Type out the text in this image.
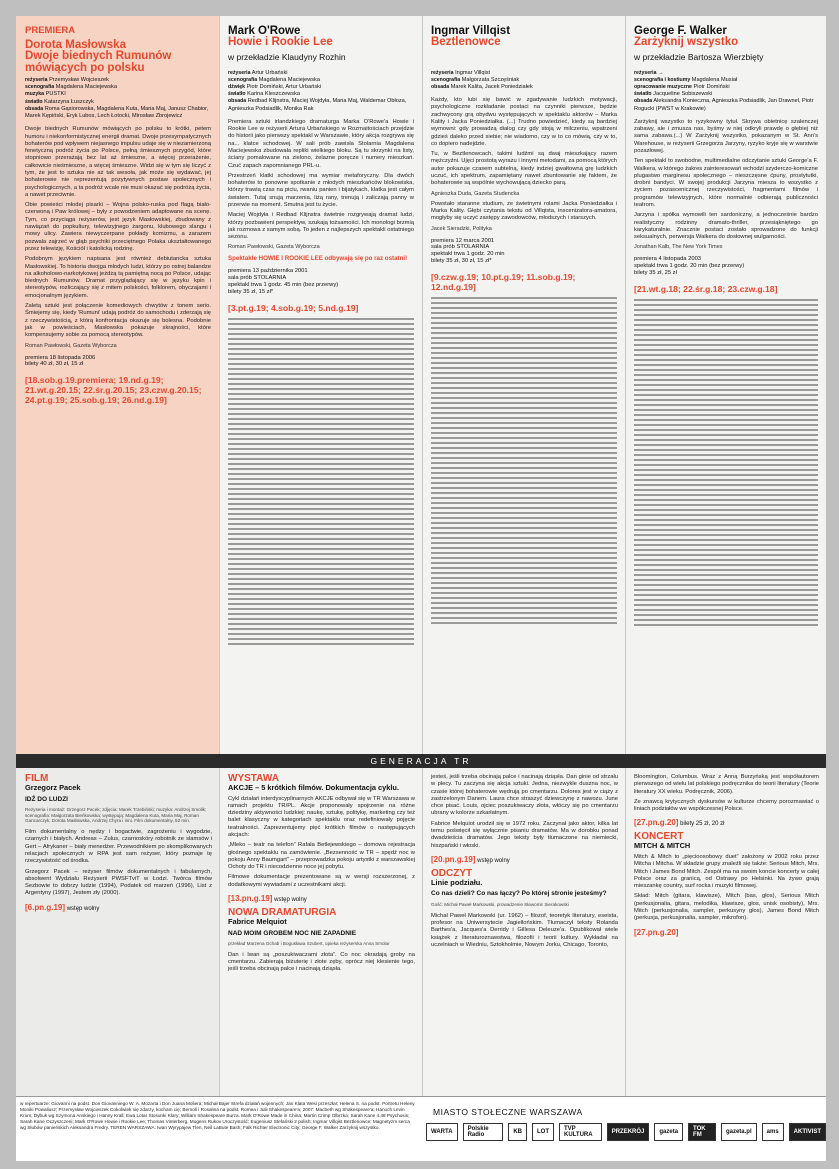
PREMIERA
Dorota Masłowska
Dwoje biednych Rumunów mówiących po polsku
reżyseria Przemysław Wojcieszek
scenografia Magdalena Maciejewska
muzyka PUSTKI
światło Katarzyna Łuszczyk
obsada Roma Gąsiorowska, Magdalena Kuta, Maria Maj, Janusz Chabior, Marek Kępiński, Eryk Lubos, Lech Łotocki, Mirosław Zbrojewicz

Dwoje biednych Rumunów mówiących po polsku to krótki, petem humoru i niekonformistycznej energii dramat. Dwoje przesympatycznych bohaterów pod wpływem niejasnego impulsu udaje się w niezamierzoną fenetyczną podróż życia po Polsce, pełną śmiesznych przygód, które stopniowo przerażają bez lat aż śmieszne, a więcej przerażenie, całkowicie nieśmieszne, a więcej śmieszne. Widzi się w tym się liczyć z tym, że jest to sztuka nie aż tak wesoła, jak może się wydawać, jej bohaterowie nie reprezentują pozytywnych postaw społecznych i psychologicznych, a ta podróż wcale nie musi okazać się podróżą życia, a nawet przeciwnie.

Obie powieści młodej pisarki – Wojna polsko-ruska pod flagą biało-czerwoną i Paw królowej – były z powodzeniem adaptowane na scenę. Tym, co przyciąga reżyserów, jest język Masłowskiej, zbudowany z nawiązań do popkultury, telewizyjnego żargonu, klubowego slangu i mowy ulicy. Zawiera niewyczerpane pokłady komizmu, a zarazem pozwala zajrzeć w głąb psychiki przeciętnego Polaka ukształtowanego przez telewizję, Kościół i katolicką rodzinę.

Podobnym językiem napisana jest również debiutancka sztuka Masłowskiej. To historia dwojga młodych ludzi, którzy po ostrej balandze na alkoholowo-narkotykowej jeżdżą tą pamiętną nocą po Polsce, udając biednych Rumunów. Dramat przyglądający się w języku kpin i stereotypów, rozliczający się z mitem polskości, folklorem, obyczajami i emocjonalnym językiem.

Zaletą sztuki jest połączenie komediowych chwytów z tonem serio. Śmiejemy się, kiedy 'Rumuni' udają podróż do samochodu i zderzają się z rzeczywistością, z którą konfrontacja okazuje się bolesna. Podobnie jak w powieściach, Masłowska pokazuje skrajności, które kompensujemy sobie za pomocą stereotypów.

Roman Pawłowski, Gazeta Wyborcza
premiera 18 listopada 2006
bilety 40 zł, 30 zł, 15 zł
[18.sob.g.19.premiera; 19.nd.g.19; 21.wt.g.20.15; 22.śr.g.20.15; 23.czw.g.20.15; 24.pt.g.19; 25.sob.g.19; 26.nd.g.19]
Mark O'Rowe
Howie i Rookie Lee
w przekładzie Klaudyny Rozhin
reżyseria Artur Urbański
scenografia Magdalena Maciejewska
dźwięk Piotr Domiński, Artur Urbański
światło Karina Kleszczewska
obsada Redbad Klijnstra, Maciej Wojdyła, Maria Maj, Waldemar Obłoza, Agnieszka Podsiadlik, Monika Rak

Premiera sztuki irlandzkiego dramaturga Marka O'Rowe'a Howie i Rookie Lee w reżyserii Artura Urbańskiego w Rozmaitościach przejdzie do historii jako pierwszy spektakl w Warszawie, który akcja rozgrywa się na... klatce schodowej. W sali prób zawisła Stolarnia Magdalena Maciejewska zbudowała repliki wielkiego bloku. Są tu skrzynki na listy, ściany pomalowane na zielono, żelazne poręcze i numery mieszkań. Czuć zapach zapomnianego PRL-u.

Przestrzeń klatki schodowej ma wymiar metaforyczny. Dla dwóch bohaterów to ponowne spotkanie z młodych mieszkańców blokowiska, którzy trawią czas na piciu, rwaniu panien i bijatykach, klatka jest całym światem. Tutaj snują marzenia, liżą rany, trenują i zaliczają panny w przerwie na moment. Smutna jest tu życie.

Maciej Wojdyła i Redbad Klijnstra świetnie rozgrywają dramat ludzi, którzy pozbawieni perspektyw, szukają tożsamości. Ich monologi brzmią jak rozmowa z samym sobą. To jeden z najlepszych spektakli ostatniego sezonu.

Roman Pawłowski, Gazeta Wyborcza
Spektakle HOWIE I ROOKIE LEE odbywają się po raz ostatni!
premiera 13 października 2001
sala prób STOLARNIA
spektakl trwa 1 godz. 45 min (bez przerwy)
bilety 35 zł, 15 zł*
[3.pt.g.19; 4.sob.g.19; 5.nd.g.19]
Ingmar Villqist
Beztlenowce

reżyseria Ingmar Villqist
scenografia Małgorzata Szczęśniak
obsada Marek Kalita, Jacek Poniedziałek

Każdy, kto lubi się bawić w zgadywanie ludzkich motywacji, psychologiczne rozkładanie postaci na czynniki pierwsze, będzie zachwycony grą obydwu występujących w spektaklu aktorów – Marka Kality i Jacka Poniedziałka. (...) Trudno powiedzieć, kiedy są bardziej wymowni: gdy prowadzą dialog czy gdy stoją w milczeniu, wpatrzeni gdzieś daleko przed siebie; nie wiadomo, czy w to co mówią, czy w to, co dopiero nadejdzie.

Tu, w Beztlenowcach, takimi ludźmi są dwaj mieszkający razem mężczyźni. Ujęci prostotą wyrazu i innymi metodami, za pomocą których autor pokazuje czasem subtelną, kiedy indziej gwałtowną grę ludzkich uczuć, ich spektrum, zapamiętany nawet zbuntowanie się faktem, że bohaterowie są wspólnie wychowującą dziecko parą.

Agnieszka Duda, Gazeta Studencka

Powstało staranne studium, ze świetnymi rolami Jacka Poniedziałka i Marka Kality. Głębi czytania tekstu od Villqista, inscenizatora-amatora, mogłyby się uczyć zastępy zawodowców, młodszych i starszych.

Jacek Sieradzki, Polityka
premiera 12 marca 2001
sala prób STOLARNIA
spektakl trwa 1 godz. 20 min
bilety 35 zł, 30 zł, 15 zł*
[9.czw.g.19; 10.pt.g.19; 11.sob.g.19; 12.nd.g.19]
George F. Walker
Zarżyknij wszystko
w przekładzie Bartosza Wierzbięty
reżyseria →
scenografia i kostiumy Magdalena Musiał
opracowanie muzyczne Piotr Domiński
światło Jacqueline Sobiszewski
obsada Aleksandra Konieczna, Agnieszka Podsiadlik, Jan Drawnel, Piotr Rogucki (PWST w Krakowie)

Zarżyknij wszystko to ryzykowny tytuł. Skrywa obietnicę szalenczej zabawy, ale i zmusza nas, byśmy w niej odkryli prawdę o głębiej niż sama zabawa.(...) W Zarżyknij wszystko, pokazanym w St. Ann's Warehouse, w reżyserii Grzegorza Jarzyny, ryzyko kryje się w warstwie pozazłowej.

Ten spektakl to swobodne, multimedialne odczytanie sztuki George'a F. Walkera, w którego żakres zainteresowań wchodzi szyderczo-komiczne plugastwo marginesu społecznego – nieszczęsne ćpuny, prostytutki, drobni bandyci. W swojej produkcji Jarzyna miesza to wszystko z życiem pozascenicznej rzeczywistości, fragmentami filmów i programów telewizyjnych, które normalnie odbierają publiczności teatrom.

Jarzyna i spółka wymowili ten sardoniczny, a jednocześnie bardzo realistyczny rodzinny dramato-thriller, przesiąkniętego go karykaturalnie. Znacznie postaci zostało sprowadzone do funkcji seksualnych, perwersja Walkera do dosłownej wulgarności.

Jonathan Kalb, The New York Times
premiera 4 listopada 2003
spektakl trwa 1 godz. 20 min (bez przerwy)
bilety 35 zł, 25 zł
[21.wt.g.18; 22.śr.g.18; 23.czw.g.18]
GENERACJA TR
FILM
Grzegorz Pacek
IDŹ DO LUDZI
Reżyseria i montaż: Grzegorz Pacek; zdjęcia: Marek Trzebiński; muzyka: Andrzej Smolik; scenografia: Małgorzata Bieńkowska; występują: Magdalena Kuta, Maria Maj, Roman Gancarczyk, Dorota Masłowska, Andrzej Chyra i inni. Film dokumentalny, 52 min.

Film dokumentalny o nędzy i bogactwie, zagrożeniu i wygodzie, czarnych i białych. Andreas – Zulus, czarnoskóry robotnik ze slamsów i Gert – Afrykaner – biały menedżer. Przewodnikiem po skomplikowanych relacjach społecznych w RPA jest sam reżyser, który poznaje tę rzeczywistość od środka.

Grzegorz Pacek – reżyser filmów dokumentalnych i fabularnych, absolwent Wydziału Reżyserii PWSFTviT w Łodzi. Twórca filmów Sezbowie to dobrzy ludzie (1994), Podatek od marzeń (1996), List z Argentyny (1997), Jestem zły (2000).

[6.pn.g.19] wstęp wolny
WYSTAWA
AKCJE – 5 krótkich filmów. Dokumentacja cyklu.

Cykl działań interdyscyplinarnych AKCJE odbywał się w TR Warszawa w ramach projektu TR/PL. Akcje proponowały spojrzenie na różne dziedziny aktywności ludzkiej: naukę, sztukę, politykę, marketing czy też balet klasyczny w kategoriach spektaklu oraz redefiniowały pojęcie teatralności. Zaprezentujemy pięć krótkich filmów o następujących akcjach:

„Mleko – teatr na telefon” Rafała Betlejewskiego – domowa rejestracja głośnego spektaklu na zamówienie. „Bezsenność w TR – spędź noc w pokoju Anny Baumgart” – przeprowadzka pokoju artystki z warszawskiej Ochoty do TR i niecodzienne noce jej pobytu.

Filmowe dokumentacje prezentowane są w wersji rozszerzonej, z dodatkowymi wywiadami z uczestnikami akcji.

[13.pn.g.19] wstęp wolny
NOWA DRAMATURGIA
Fabrice Melquiot
NAD MOIM GROBEM NOC NIE ZAPADNIE
przekład Marzena Ochab i Bogusława Szubert, opieka reżyserska Anna Smolar

Dan i Iwan są „poszukiwaczami złota”. Co noc okradają groby na cmentarzu. Zabierają biżuterię i złote zęby, oprócz niej klesienie tego, jeśli trzeba obcinają palce i nacinają dziąsła.

jesteś, jeśli trzeba obcinają palce i nacinają dziąsła. Dan ginie od strzału w plecy. Tu zaczyna się akcja sztuki. Jedna, niezwykle duszna noc, w czasie której bohaterowie wędrują po cmentarzu. Dolores jest w ciąży z zastrzelonym Danem. Laura chce straszyć dziewczynę z nawozu. June chce pisać. Louis, ojciec poszukiwaczy złota, włóczy się po cmentarzu ubrany w kolorze szkarłatnym.

Fabrice Melquiot urodził się w 1972 roku. Zaczynał jako aktor, kilka lat temu poświęcił się wyłącznie pisaniu dramatów. Ma w dorobku ponad dwadzieścia dramatów. Jego teksty były tłumaczone na niemiecki, hiszpański i włoski.

[20.pn.g.19] wstęp wolny
ODCZYT
Linie podziału.
Co nas dzieli? Co nas łączy? Po której stronie jesteśmy?
Gość: Michał Paweł Markowski, prowadzenie Sławomir Sierakowski

Michał Paweł Markowski (ur. 1962) – filozof, teoretyk literatury, eseista, profesor na Uniwersytecie Jagiellońskim. Tłumaczył teksty Rolanda Barthes'a, Jacques'a Derridy i Gillesa Deleuze'a. Opublikował wiele książek z literaturoznawstwa, filozofii i teorii kultury. Wykładał na uczelniach w Wiedniu, Sztokholmie, Nowym Jorku, Chicago, Toronto,

Bloomington, Columbus. Wraz z Anną Burzyńską jest współautorem pierwszego od wielu lat polskiego podręcznika do teorii literatury (Teorie literatury XX wieku. Podręcznik, 2006).

Ze znawcą krytycznych dyskursów w kulturze chcemy porozmawiać o liniach podziałów we współczesnej Polsce.

[27.pn.g.20] bilety 25 zł, 20 zł
KONCERT
MITCH & MITCH

Mitch & Mitch to „pięcioosobowy duet” założony w 2002 roku przez Mitcha i Mitcha. W składzie grupy znaleźli się także: Serious Mitch, Mrs. Mitch i James Bond Mitch. Zespół ma na swoim koncie koncerty w całej Polsce oraz za granicą, od Ostrawy po Helsinki. Na żywo grają mieszankę country, surf rocka i muzyki filmowej.

Skład: Mitch (gitara, klawisze), Mitch (bas, głos), Serious Mitch (perkusjonalia, gitara, melodika, klawisze, głos, unisk osobisty), Mrs. Mitch (perkusjonalia, sampler, perkusyny głos), James Bond Mitch (perkusja, perkusjonalia, sampler, mikrofon).

[27.pn.g.20]
w repertuarze: Giovanni na podst. Don Giovanniego W. A. Mozarta i Don Juana Moliera; Michał Bajer Strefa działań wojennych; Jan Klata Wesi przeszła!; Helena S. na podst. Portretu Heleny Moniki Powaliusz; Przemysław Wojcieszek Cokolwiek się zdarzy, kocham cię; Bernoli i Rosalina na podst. Romea i Julii Shakespeare'a; 2007: Macbeth wg Shakespeare'a; Hanoch Levin Krum; Dybuk wg Szymona Anskiego i Hanny Krall; Ewa Lotar Stosunki Klary; William Shakespeare Burza. Mark O'Rowe Made in China; Martin Crimp Olbrzka; Sarah Kane 4.48 Psychosis; Sarah Kane Oczyszczeni; Mark O'Rowe Howie i Rookie Lee; Thomas Vinterberg, Mogens Rukov Uroczystość; Eugeniusz Stefański 2 polish; Ingmar Villqist Beztlenowce; Magnetyzm serca wg Słubów panieńskich Aleksandra Fredry. TEREN WARSZAWA: Iwan Wyrypajew Tlen, Neil LaBute Bash; Falk Richter Electronic City; George F. Walker Zarżyknij wszystko.
MIASTO STOŁECZNE WARSZAWA
WARTA	Polskie Radio	KB	LOT	TVP KULTURA	PRZEKRÓJ	gazeta	TOK FM	gazeta.pl	ams	AKTIVIST
